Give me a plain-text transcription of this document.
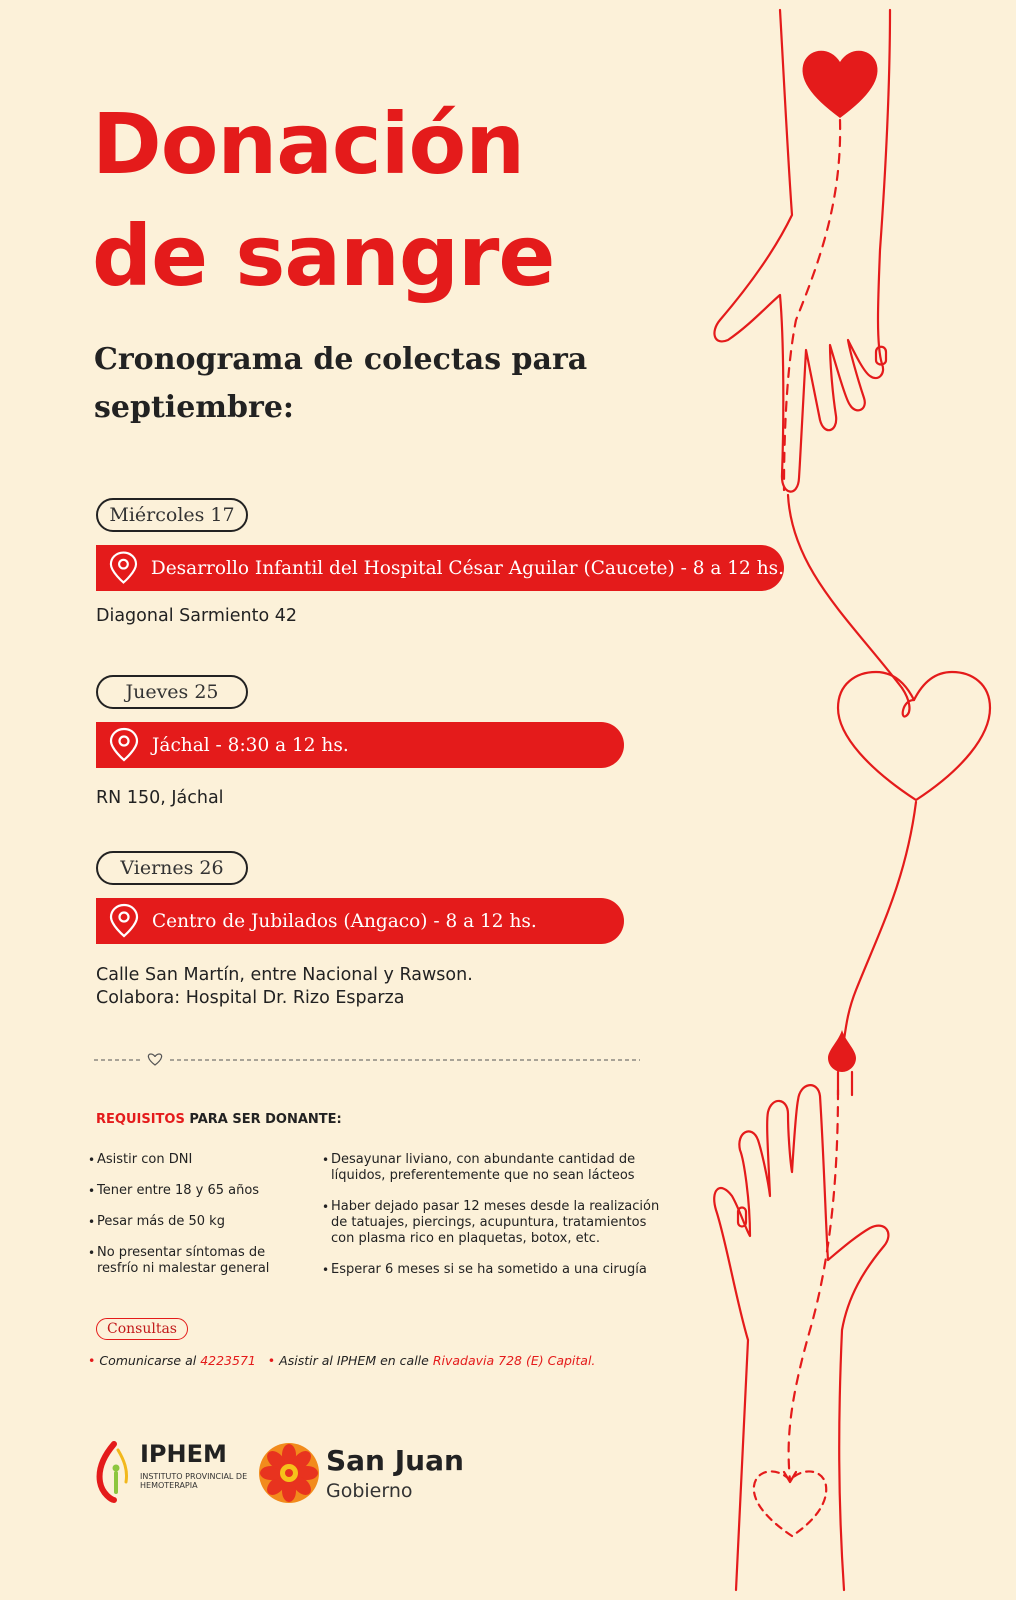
Donación
de sangre
Cronograma de colectas para septiembre:
Miércoles 17
Desarrollo Infantil del Hospital César Aguilar (Caucete) - 8 a 12 hs.
Diagonal Sarmiento 42
Jueves 25
Jáchal - 8:30 a 12 hs.
RN 150, Jáchal
Viernes 26
Centro de Jubilados (Angaco) - 8 a 12 hs.
Calle San Martín, entre Nacional y Rawson.
Colabora: Hospital Dr. Rizo Esparza
REQUISITOS PARA SER DONANTE:
• Asistir con DNI
• Tener entre 18 y 65 años
• Pesar más de 50 kg
• No presentar síntomas de resfrío ni malestar general
• Desayunar liviano, con abundante cantidad de líquidos, preferentemente que no sean lácteos
• Haber dejado pasar 12 meses desde la realización de tatuajes, piercings, acupuntura, tratamientos con plasma rico en plaquetas, botox, etc.
• Esperar 6 meses si se ha sometido a una cirugía
Consultas
• Comunicarse al 4223571 • Asistir al IPHEM en calle Rivadavia 728 (E) Capital.
IPHEM
INSTITUTO PROVINCIAL DE HEMOTERAPIA
San Juan
Gobierno
